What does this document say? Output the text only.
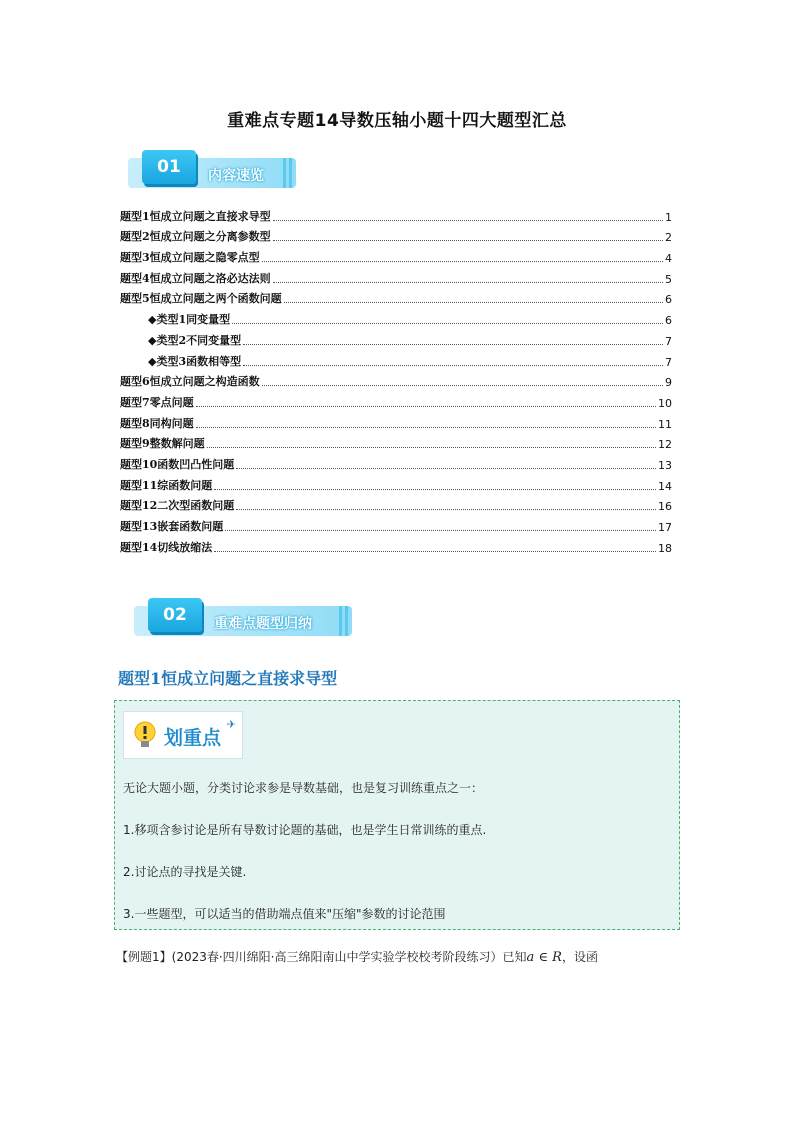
重难点专题14导数压轴小题十四大题型汇总
01	内容速览
题型1恒成立问题之直接求导型	1
题型2恒成立问题之分离参数型	2
题型3恒成立问题之隐零点型	4
题型4恒成立问题之洛必达法则	5
题型5恒成立问题之两个函数问题	6
◆类型1同变量型	6
◆类型2不同变量型	7
◆类型3函数相等型	7
题型6恒成立问题之构造函数	9
题型7零点问题	10
题型8同构问题	11
题型9整数解问题	12
题型10函数凹凸性问题	13
题型11综函数问题	14
题型12二次型函数问题	16
题型13嵌套函数问题	17
题型14切线放缩法	18
02	重难点题型归纳
题型1恒成立问题之直接求导型
划重点
✈
无论大题小题，分类讨论求参是导数基础，也是复习训练重点之一：
1.移项含参讨论是所有导数讨论题的基础，也是学生日常训练的重点.
2.讨论点的寻找是关键.
3.一些题型，可以适当的借助端点值来"压缩"参数的讨论范围
【例题1】(2023春·四川绵阳·高三绵阳南山中学实验学校校考阶段练习）已知a ∈ R，设函
